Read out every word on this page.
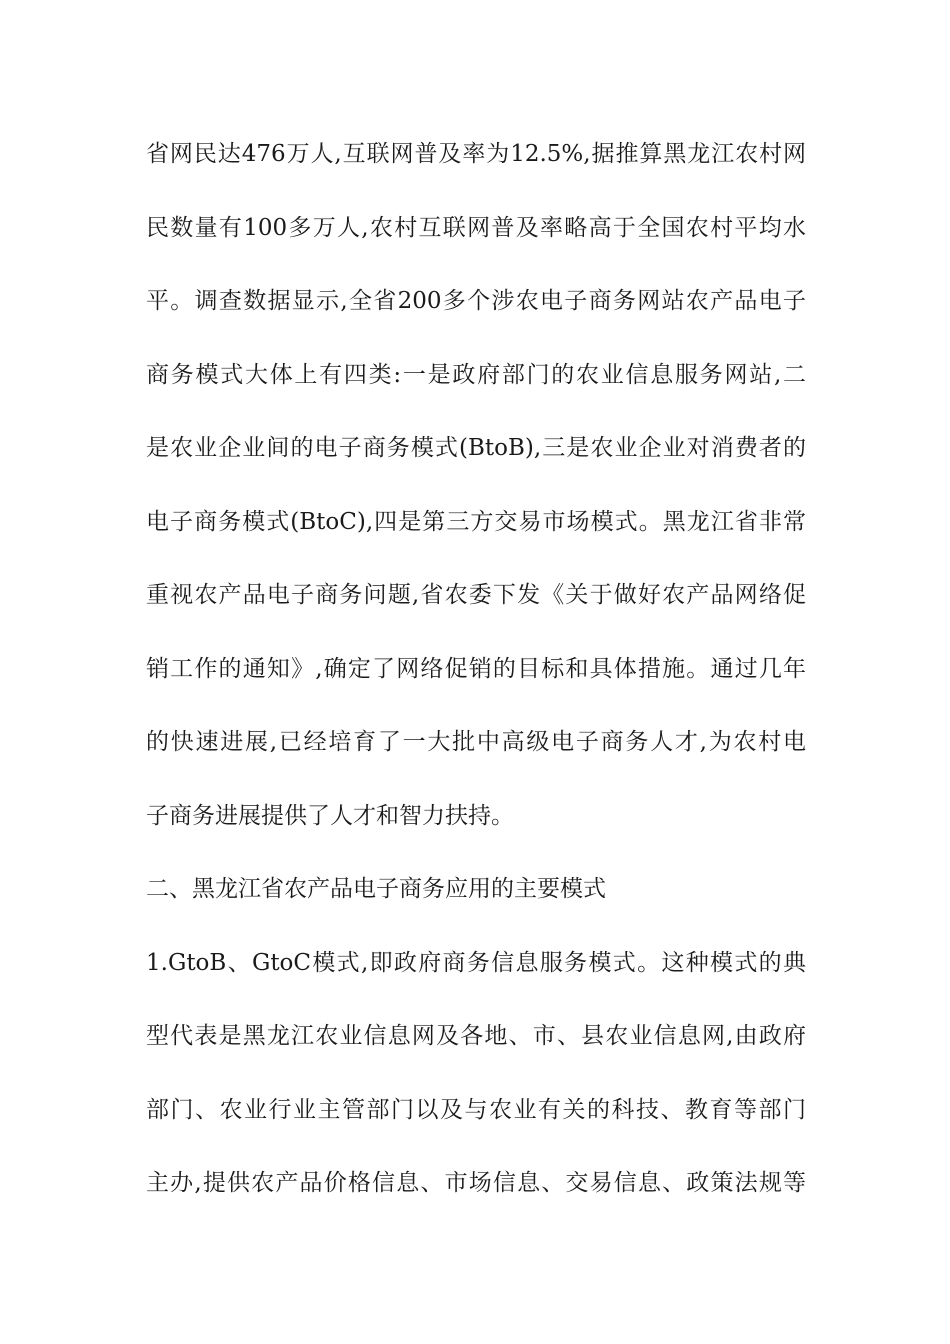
省网民达476万人,互联网普及率为12.5%,据推算黑龙江农村网
民数量有100多万人,农村互联网普及率略高于全国农村平均水
平。调查数据显示,全省200多个涉农电子商务网站农产品电子
商务模式大体上有四类:一是政府部门的农业信息服务网站,二
是农业企业间的电子商务模式(BtoB),三是农业企业对消费者的
电子商务模式(BtoC),四是第三方交易市场模式。黑龙江省非常
重视农产品电子商务问题,省农委下发《关于做好农产品网络促
销工作的通知》,确定了网络促销的目标和具体措施。通过几年
的快速进展,已经培育了一大批中高级电子商务人才,为农村电
子商务进展提供了人才和智力扶持。
二、黑龙江省农产品电子商务应用的主要模式
1.GtoB、GtoC模式,即政府商务信息服务模式。这种模式的典
型代表是黑龙江农业信息网及各地、市、县农业信息网,由政府
部门、农业行业主管部门以及与农业有关的科技、教育等部门
主办,提供农产品价格信息、市场信息、交易信息、政策法规等
